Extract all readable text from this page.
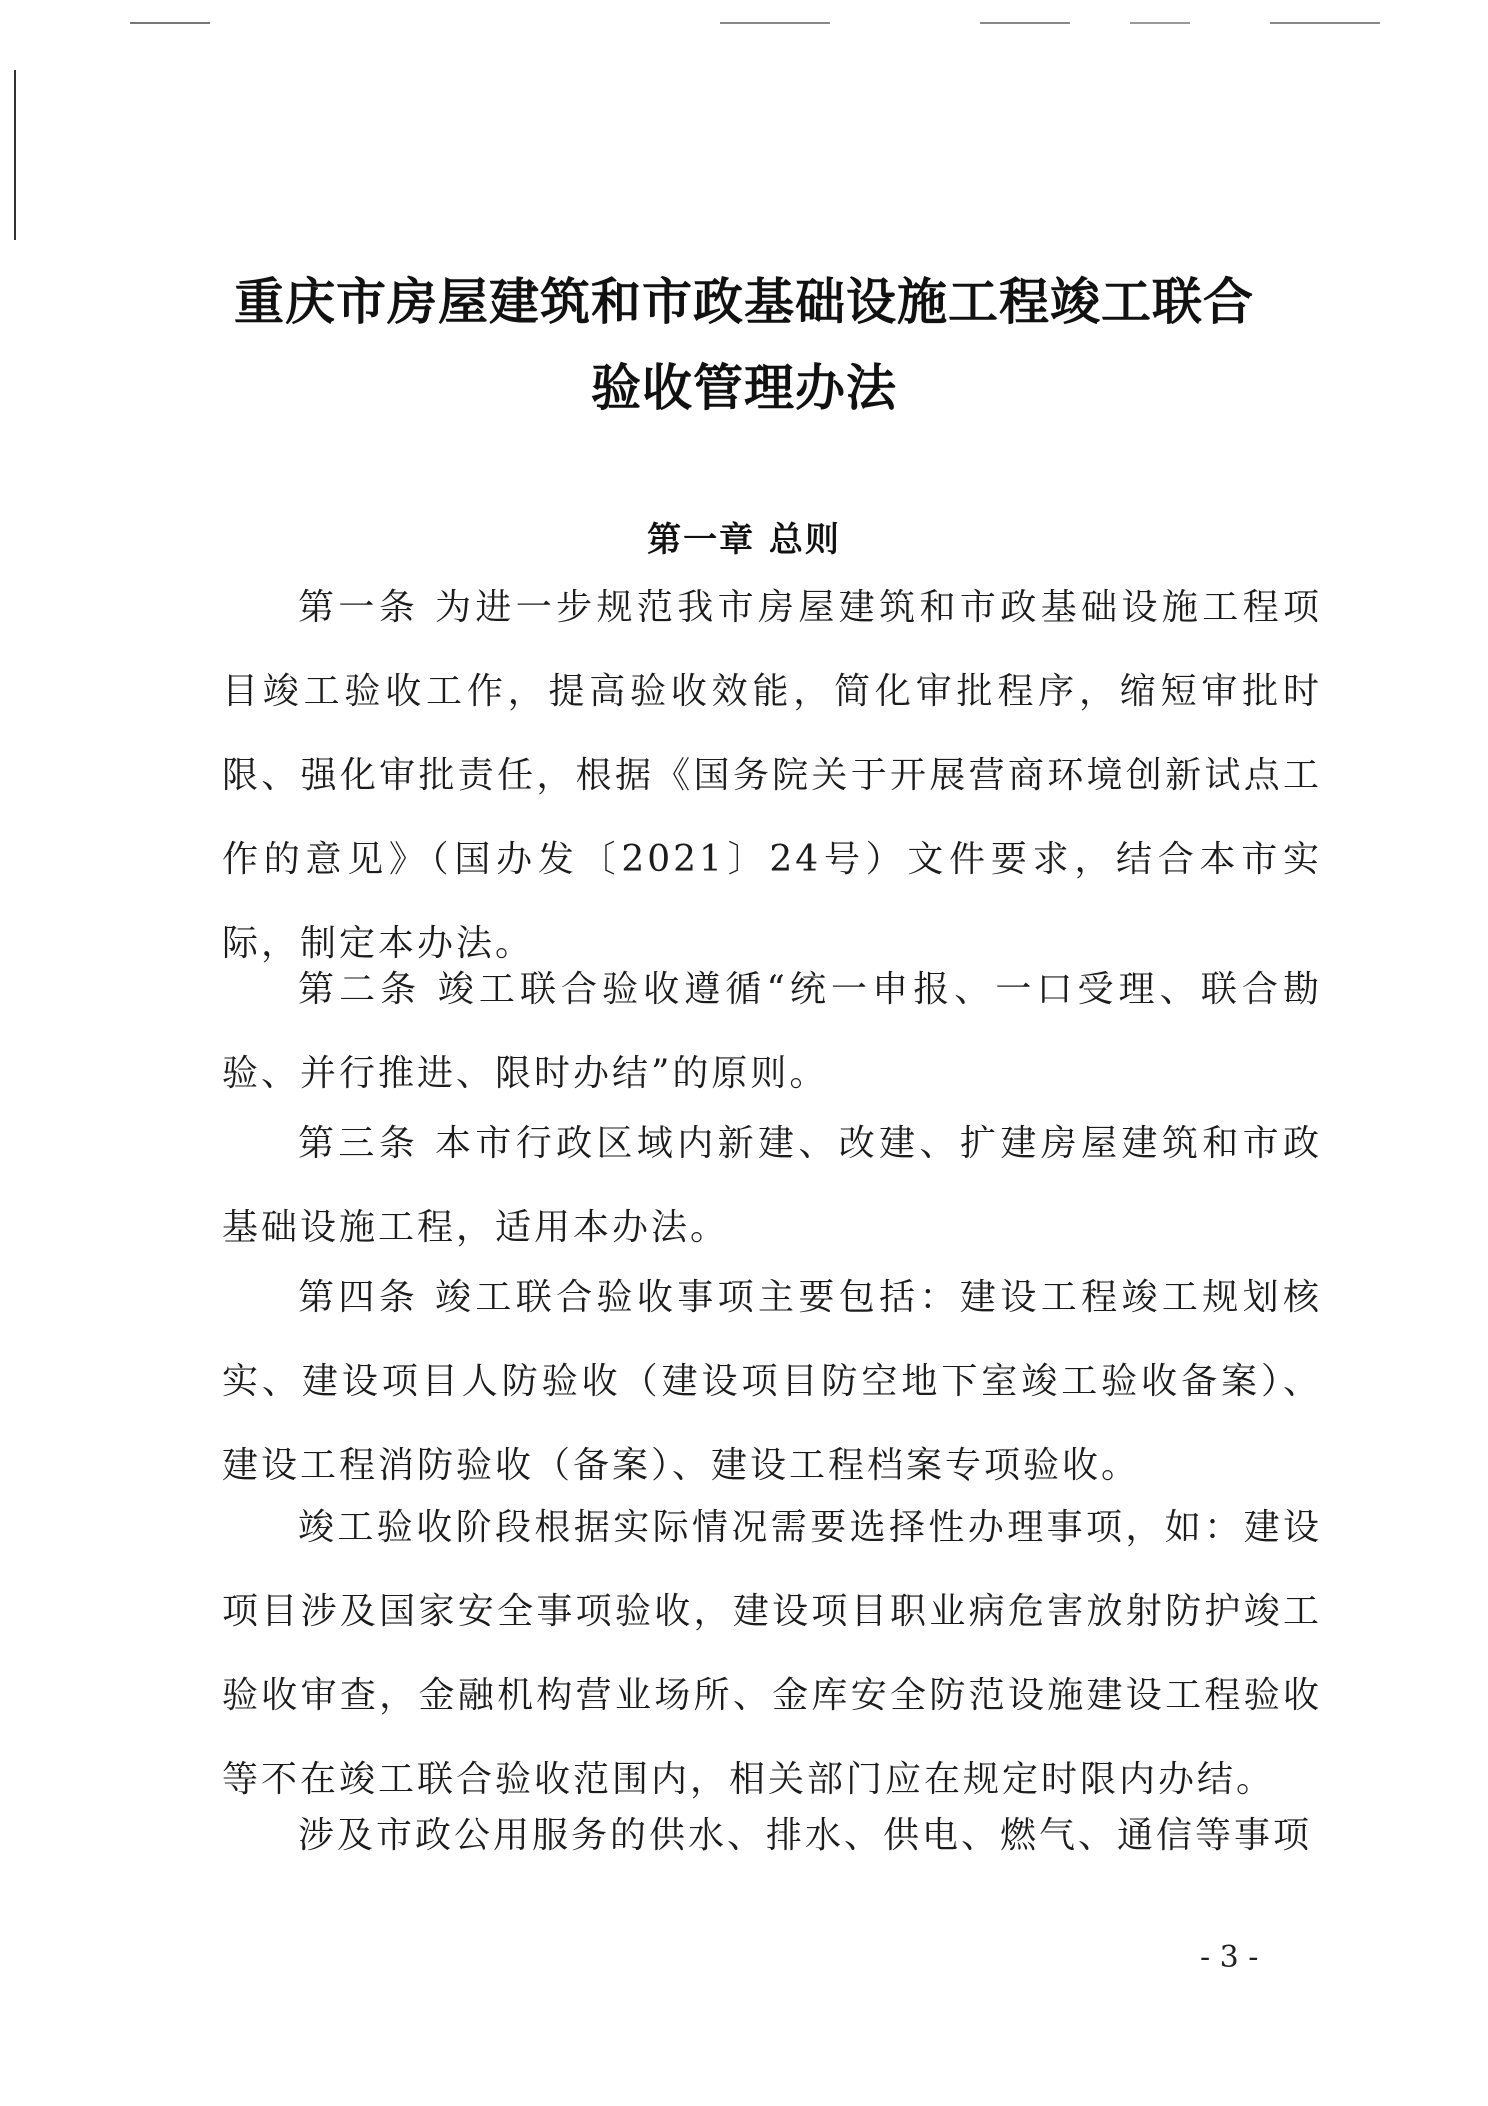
重庆市房屋建筑和市政基础设施工程竣工联合
验收管理办法
第一章 总则

第一条 为进一步规范我市房屋建筑和市政基础设施工程项目竣工验收工作，提高验收效能，简化审批程序，缩短审批时限、强化审批责任，根据《国务院关于开展营商环境创新试点工作的意见》（国办发〔2021〕24号）文件要求，结合本市实际，制定本办法。

第二条 竣工联合验收遵循“统一申报、一口受理、联合勘验、并行推进、限时办结”的原则。

第三条 本市行政区域内新建、改建、扩建房屋建筑和市政基础设施工程，适用本办法。

第四条 竣工联合验收事项主要包括：建设工程竣工规划核实、建设项目人防验收（建设项目防空地下室竣工验收备案）、建设工程消防验收（备案）、建设工程档案专项验收。

竣工验收阶段根据实际情况需要选择性办理事项，如：建设项目涉及国家安全事项验收，建设项目职业病危害放射防护竣工验收审查，金融机构营业场所、金库安全防范设施建设工程验收等不在竣工联合验收范围内，相关部门应在规定时限内办结。

涉及市政公用服务的供水、排水、供电、燃气、通信等事项

- 3 -
